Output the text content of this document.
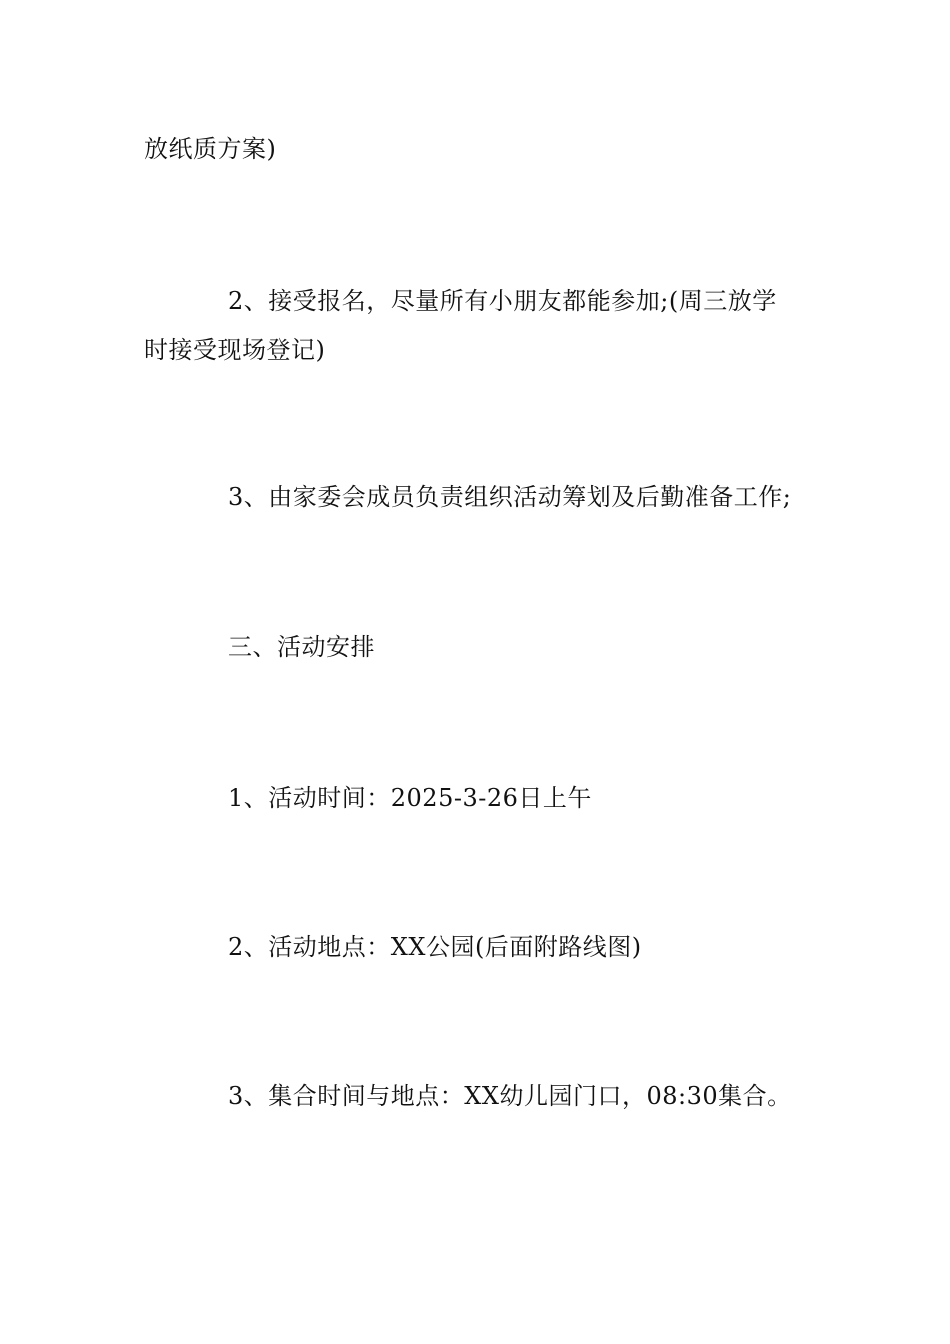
放纸质方案)
2、接受报名，尽量所有小朋友都能参加;(周三放学
时接受现场登记)
3、由家委会成员负责组织活动筹划及后勤准备工作;
三、活动安排
1、活动时间：2025-3-26日上午
2、活动地点：XX公园(后面附路线图)
3、集合时间与地点：XX幼儿园门口，08:30集合。
